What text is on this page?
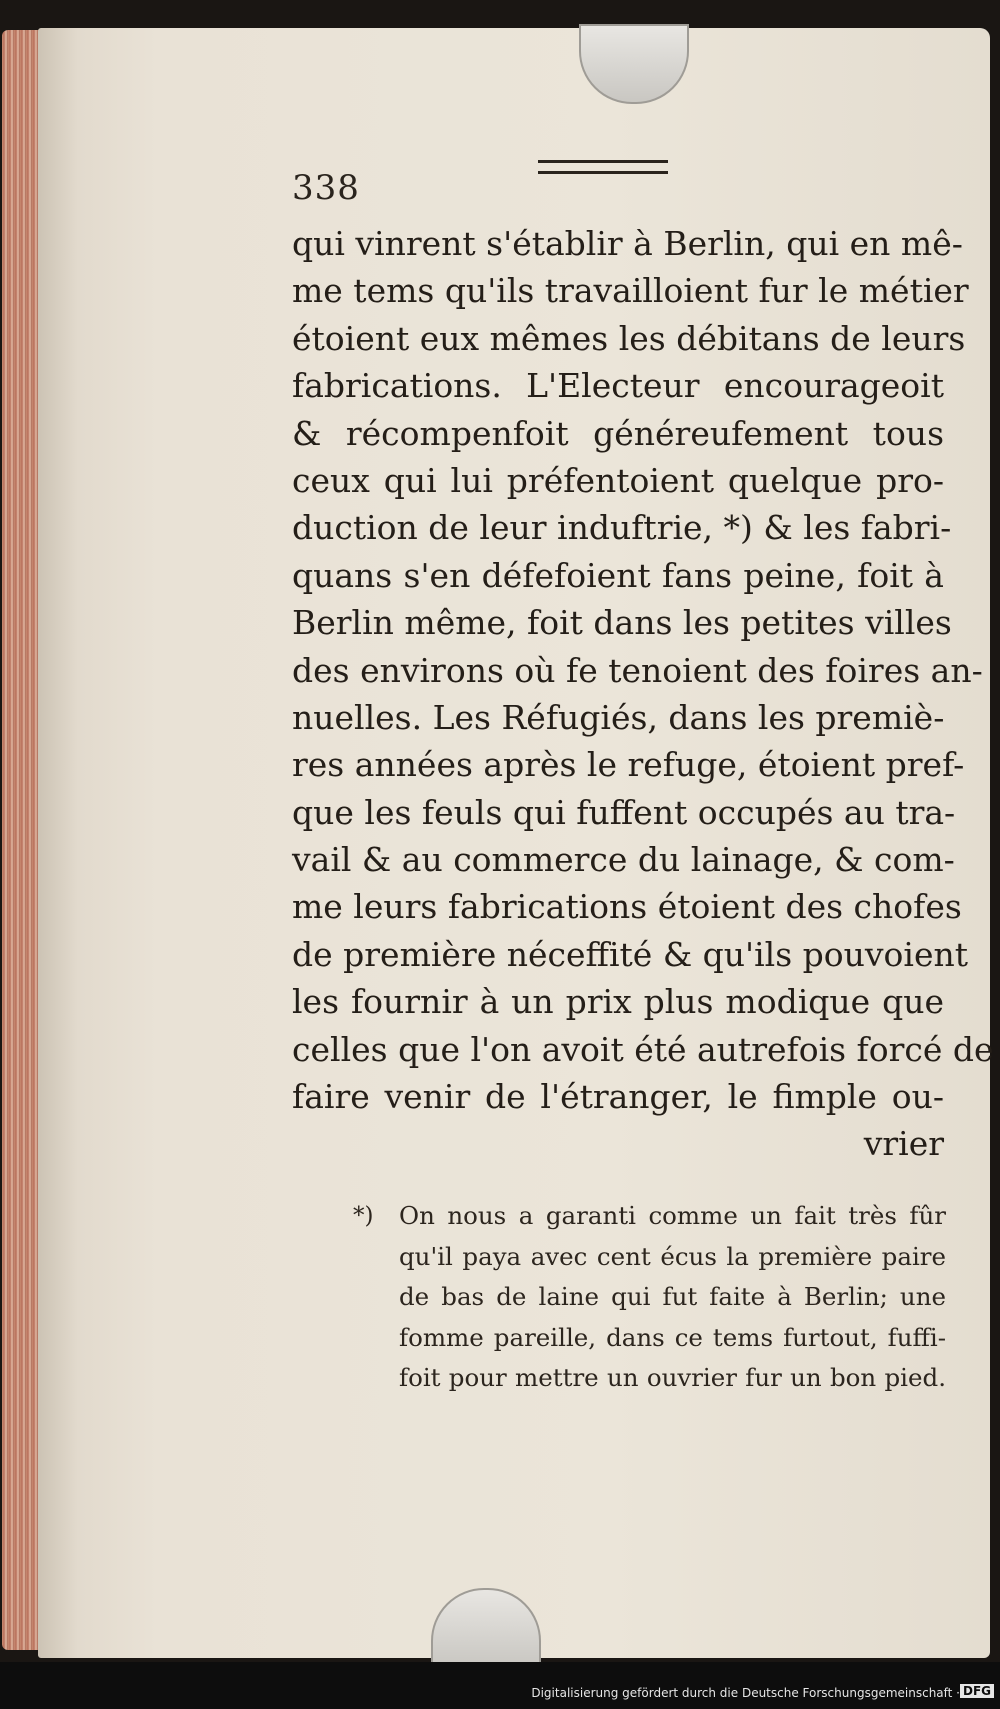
338
qui vinrent s'établir à Berlin, qui en mê-
me tems qu'ils travailloient fur le métier
étoient eux mêmes les débitans de leurs
fabrications. L'Electeur encourageoit
& récompenfoit généreufement tous
ceux qui lui préfentoient quelque pro-
duction de leur induftrie, *) & les fabri-
quans s'en défefoient fans peine, foit à
Berlin même, foit dans les petites villes
des environs où fe tenoient des foires an-
nuelles. Les Réfugiés, dans les premiè-
res années après le refuge, étoient pref-
que les feuls qui fuffent occupés au tra-
vail & au commerce du lainage, & com-
me leurs fabrications étoient des chofes
de première néceffité & qu'ils pouvoient
les fournir à un prix plus modique que
celles que l'on avoit été autrefois forcé de
faire venir de l'étranger, le fimple ou-
vrier
*) On nous a garanti comme un fait très fûr
qu'il paya avec cent écus la première paire
de bas de laine qui fut faite à Berlin; une
fomme pareille, dans ce tems furtout, fuffi-
foit pour mettre un ouvrier fur un bon pied.
Digitalisierung gefördert durch die Deutsche Forschungsgemeinschaft · DFG
